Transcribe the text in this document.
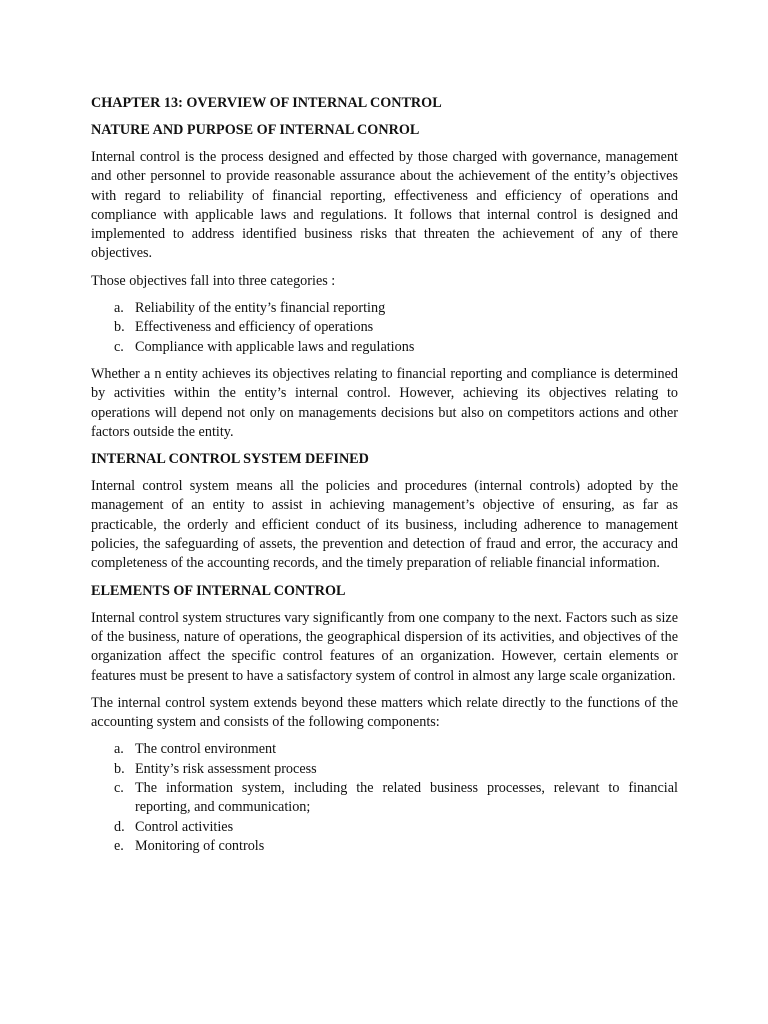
CHAPTER 13: OVERVIEW OF INTERNAL CONTROL
NATURE AND PURPOSE OF INTERNAL CONROL

Internal control is the process designed and effected by those charged with governance, management and other personnel to provide reasonable assurance about the achievement of the entity’s objectives with regard to reliability of financial reporting, effectiveness and efficiency of operations and compliance with applicable laws and regulations. It follows that internal control is designed and implemented to address identified business risks that threaten the achievement of any of there objectives.

Those objectives fall into three categories :

a. Reliability of the entity’s financial reporting
b. Effectiveness and efficiency of operations
c. Compliance with applicable laws and regulations

Whether a n entity achieves its objectives relating to financial reporting and compliance is determined by activities within the entity’s internal control. However, achieving its objectives relating to operations will depend not only on managements decisions but also on competitors actions and other factors outside the entity.

INTERNAL CONTROL SYSTEM DEFINED

Internal control system means all the policies and procedures (internal controls) adopted by the management of an entity to assist in achieving management’s objective of ensuring, as far as practicable, the orderly and efficient conduct of its business, including adherence to management policies, the safeguarding of assets, the prevention and detection of fraud and error, the accuracy and completeness of the accounting records, and the timely preparation of reliable financial information.

ELEMENTS OF INTERNAL CONTROL

Internal control system structures vary significantly from one company to the next. Factors such as size of the business, nature of operations, the geographical dispersion of its activities, and objectives of the organization affect the specific control features of an organization. However, certain elements or features must be present to have a satisfactory system of control in almost any large scale organization.

The internal control system extends beyond these matters which relate directly to the functions of the accounting system and consists of the following components:

a. The control environment
b. Entity’s risk assessment process
c. The information system, including the related business processes, relevant to financial reporting, and communication;
d. Control activities
e. Monitoring of controls
